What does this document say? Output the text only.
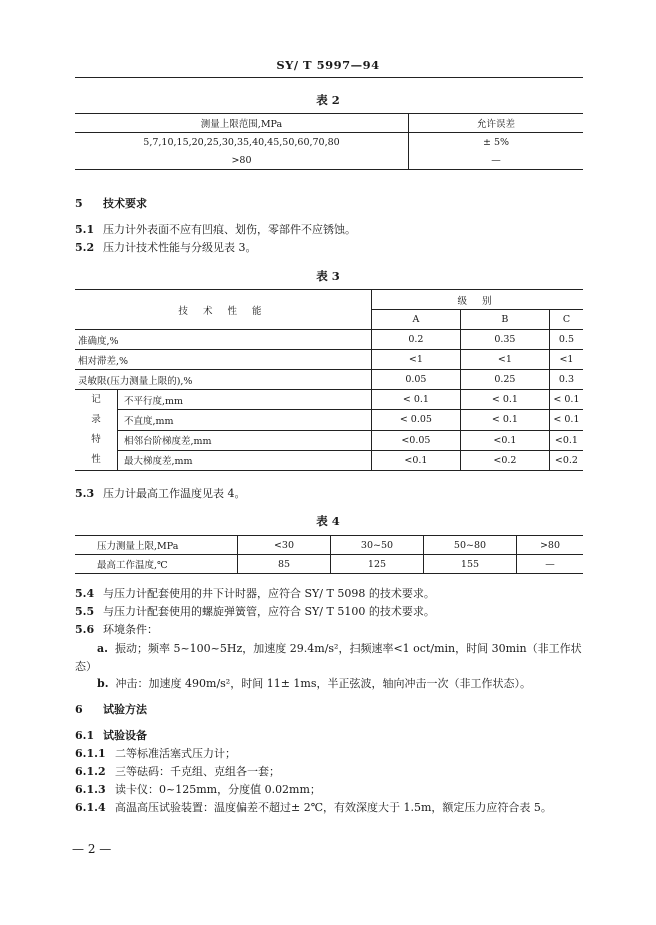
SY/ T 5997—94
表 2
测量上限范围,MPa	允许误差
5,7,10,15,20,25,30,35,40,45,50,60,70,80	± 5%
>80	—
5 技术要求
5.1 压力计外表面不应有凹痕、划伤，零部件不应锈蚀。
5.2 压力计技术性能与分级见表 3。
表 3
技 术 性 能		级 别		
		A	B	C
准确度,%		0.2	0.35	0.5
相对滞差,%		<1	<1	<1
灵敏限(压力测量上限的),%		0.05	0.25	0.3
记
录
特
性	不平行度,mm	< 0.1	< 0.1	< 0.1
	不直度,mm	< 0.05	< 0.1	< 0.1
	相邻台阶梯度差,mm	<0.05	<0.1	<0.1
	最大梯度差,mm	<0.1	<0.2	<0.2
5.3 压力计最高工作温度见表 4。
表 4
压力测量上限,MPa	<30	30~50	50~80	>80
最高工作温度,℃	85	125	155	—
5.4 与压力计配套使用的井下计时器，应符合 SY/ T 5098 的技术要求。
5.5 与压力计配套使用的螺旋弹簧管，应符合 SY/ T 5100 的技术要求。
5.6 环境条件：
a. 振动；频率 5~100~5Hz，加速度 29.4m/s²，扫频速率<1 oct/min，时间 30min（非工作状态）
b. 冲击：加速度 490m/s²，时间 11± 1ms，半正弦波，轴向冲击一次（非工作状态）。
6 试验方法
6.1 试验设备
6.1.1 二等标准活塞式压力计；
6.1.2 三等砝码：千克组、克组各一套；
6.1.3 读卡仪：0~125mm，分度值 0.02mm；
6.1.4 高温高压试验装置：温度偏差不超过± 2℃，有效深度大于 1.5m，额定压力应符合表 5。
— 2 —
